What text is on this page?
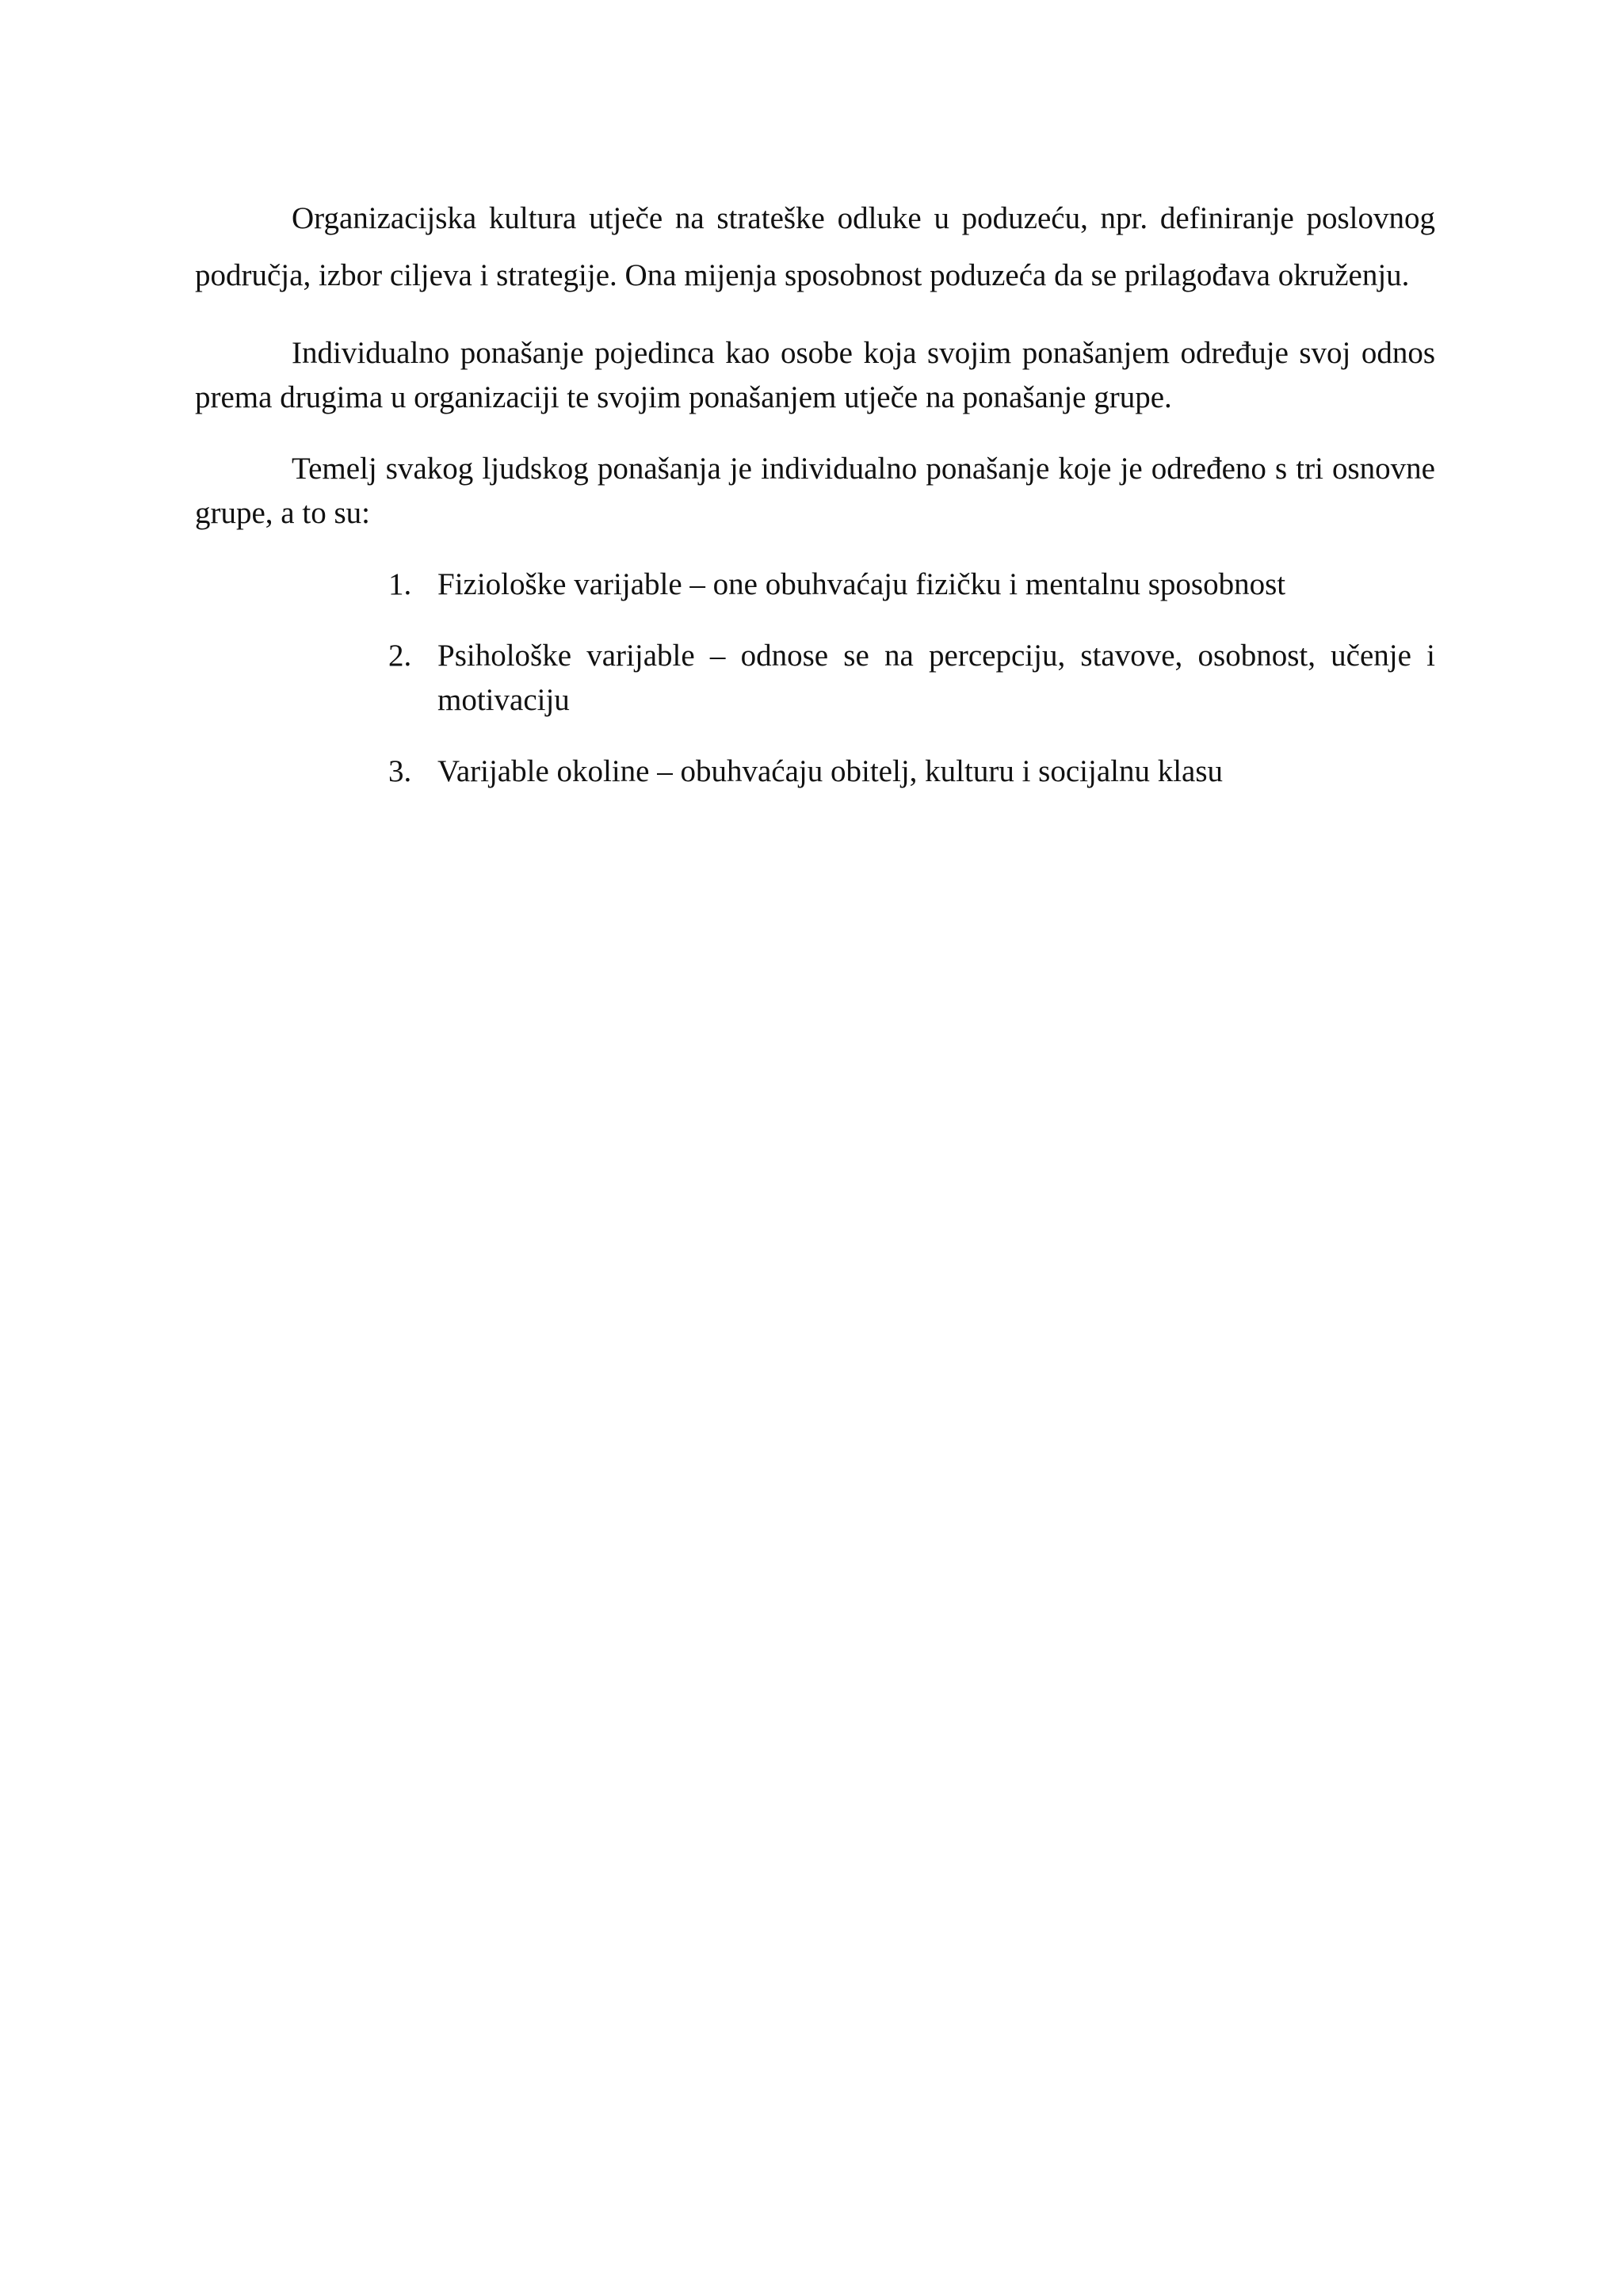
Organizacijska kultura utječe na strateške odluke u poduzeću, npr. definiranje poslovnog područja, izbor ciljeva i strategije. Ona mijenja sposobnost poduzeća da se prilagođava okruženju.

Individualno ponašanje pojedinca kao osobe koja svojim ponašanjem određuje svoj odnos prema drugima u organizaciji te svojim ponašanjem utječe na ponašanje grupe.

Temelj svakog ljudskog ponašanja je individualno ponašanje koje je određeno s tri osnovne grupe, a to su:

1. Fiziološke varijable – one obuhvaćaju fizičku i mentalnu sposobnost
2. Psihološke varijable – odnose se na percepciju, stavove, osobnost, učenje i motivaciju
3. Varijable okoline – obuhvaćaju obitelj, kulturu i socijalnu klasu
